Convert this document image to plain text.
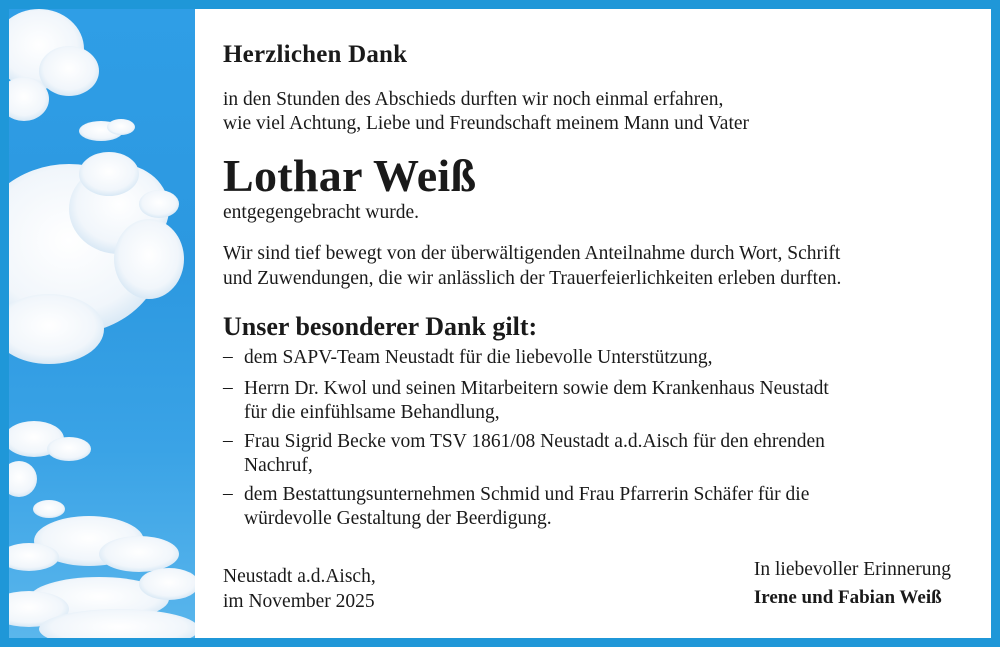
Herzlichen Dank
in den Stunden des Abschieds durften wir noch einmal erfahren,
wie viel Achtung, Liebe und Freundschaft meinem Mann und Vater
Lothar Weiß
entgegengebracht wurde.
Wir sind tief bewegt von der überwältigenden Anteilnahme durch Wort, Schrift
und Zuwendungen, die wir anlässlich der Trauerfeierlichkeiten erleben durften.
Unser besonderer Dank gilt:
– dem SAPV-Team Neustadt für die liebevolle Unterstützung,
– Herrn Dr. Kwol und seinen Mitarbeitern sowie dem Krankenhaus Neustadt
für die einfühlsame Behandlung,
– Frau Sigrid Becke vom TSV 1861/08 Neustadt a.d.Aisch für den ehrenden
Nachruf,
– dem Bestattungsunternehmen Schmid und Frau Pfarrerin Schäfer für die
würdevolle Gestaltung der Beerdigung.
Neustadt a.d.Aisch,
im November 2025
In liebevoller Erinnerung
Irene und Fabian Weiß
